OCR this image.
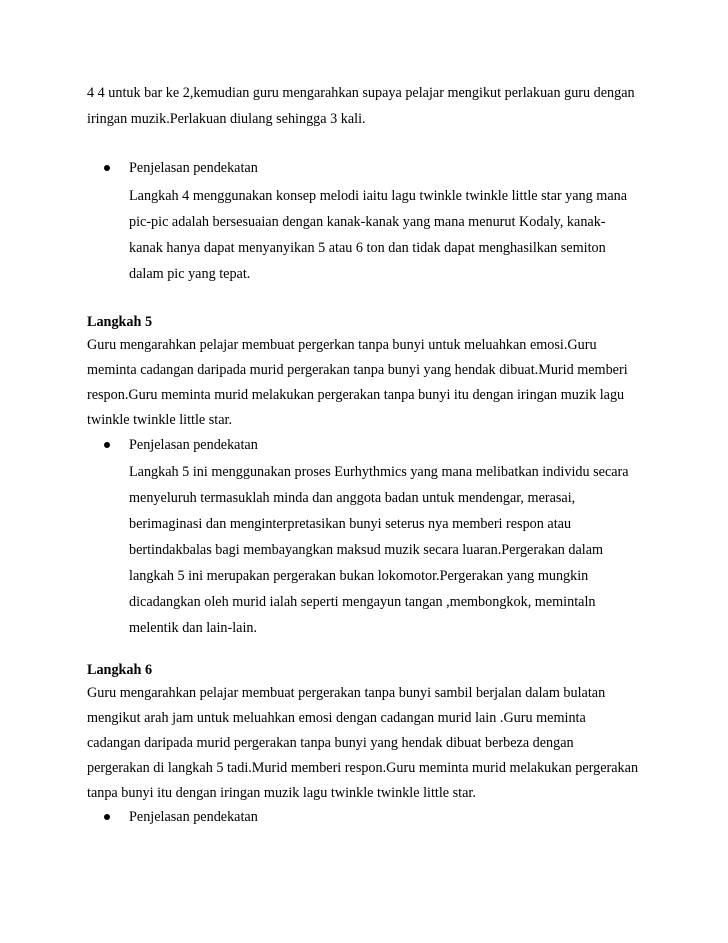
4 4 untuk bar ke 2,kemudian guru mengarahkan supaya pelajar mengikut perlakuan guru dengan
iringan muzik.Perlakuan diulang sehingga 3 kali.
Penjelasan pendekatan
Langkah 4 menggunakan konsep melodi iaitu lagu twinkle twinkle little star yang mana
pic-pic adalah bersesuaian dengan kanak-kanak yang mana menurut Kodaly, kanak-
kanak hanya dapat menyanyikan 5 atau 6 ton dan tidak dapat menghasilkan semiton
dalam pic yang tepat.
Langkah 5
Guru mengarahkan pelajar membuat pergerkan tanpa bunyi untuk meluahkan emosi.Guru
meminta cadangan daripada murid pergerakan tanpa bunyi yang hendak dibuat.Murid memberi
respon.Guru meminta murid melakukan pergerakan tanpa bunyi itu dengan iringan muzik lagu
twinkle twinkle little star.
Penjelasan pendekatan
Langkah 5 ini menggunakan proses Eurhythmics yang mana melibatkan individu secara
menyeluruh termasuklah minda dan anggota badan untuk mendengar, merasai,
berimaginasi dan menginterpretasikan bunyi seterus nya memberi respon atau
bertindakbalas bagi membayangkan maksud muzik secara luaran.Pergerakan dalam
langkah 5 ini merupakan pergerakan bukan lokomotor.Pergerakan yang mungkin
dicadangkan oleh murid ialah seperti mengayun tangan ,membongkok, memintaln
melentik dan lain-lain.
Langkah 6
Guru mengarahkan pelajar membuat pergerakan tanpa bunyi sambil berjalan dalam bulatan
mengikut arah jam untuk meluahkan emosi dengan cadangan murid lain .Guru meminta
cadangan daripada murid pergerakan tanpa bunyi yang hendak dibuat berbeza dengan
pergerakan di langkah 5 tadi.Murid memberi respon.Guru meminta murid melakukan pergerakan
tanpa bunyi itu dengan iringan muzik lagu twinkle twinkle little star.
Penjelasan pendekatan
